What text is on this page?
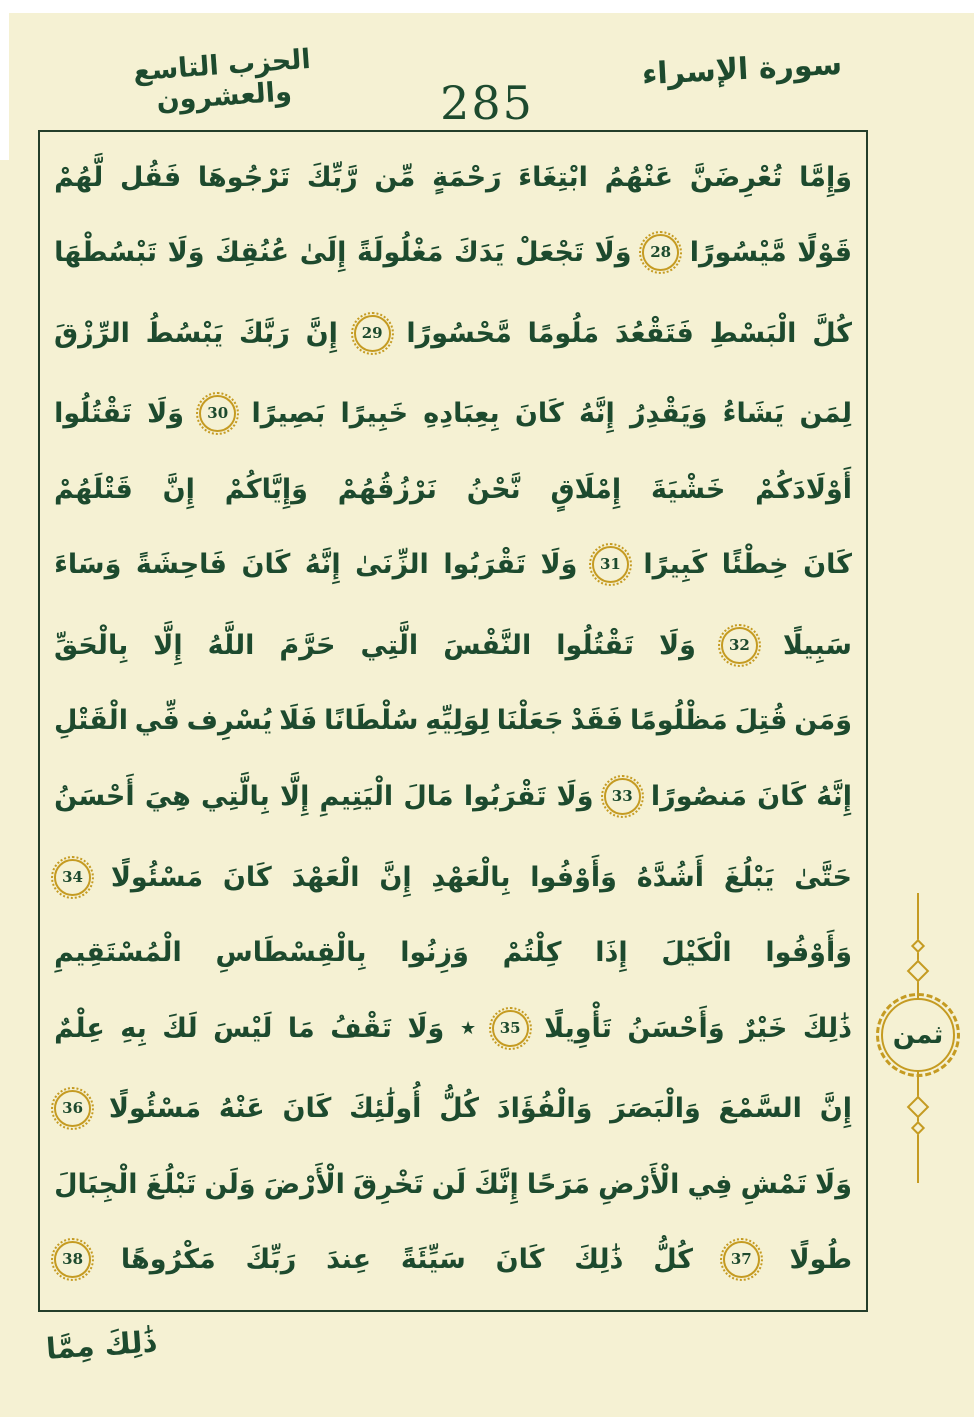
الحزب التاسع والعشرون	285
سورة الإسراء
وَإِمَّا
تُعْرِضَنَّ
عَنْهُمُ
ابْتِغَاءَ
رَحْمَةٍ
مِّن
رَّبِّكَ
تَرْجُوهَا
فَقُل
لَّهُمْ
قَوْلًا
مَّيْسُورًا
28
وَلَا
تَجْعَلْ
يَدَكَ
مَغْلُولَةً
إِلَىٰ
عُنُقِكَ
وَلَا
تَبْسُطْهَا
كُلَّ
الْبَسْطِ
فَتَقْعُدَ
مَلُومًا
مَّحْسُورًا
29
إِنَّ
رَبَّكَ
يَبْسُطُ
الرِّزْقَ
لِمَن
يَشَاءُ
وَيَقْدِرُ
إِنَّهُ
كَانَ
بِعِبَادِهِ
خَبِيرًا
بَصِيرًا
30
وَلَا
تَقْتُلُوا
أَوْلَادَكُمْ
خَشْيَةَ
إِمْلَاقٍ
نَّحْنُ
نَرْزُقُهُمْ
وَإِيَّاكُمْ
إِنَّ
قَتْلَهُمْ
كَانَ
خِطْئًا
كَبِيرًا
31
وَلَا
تَقْرَبُوا
الزِّنَىٰ
إِنَّهُ
كَانَ
فَاحِشَةً
وَسَاءَ
سَبِيلًا
32
وَلَا
تَقْتُلُوا
النَّفْسَ
الَّتِي
حَرَّمَ
اللَّهُ
إِلَّا
بِالْحَقِّ
وَمَن
قُتِلَ
مَظْلُومًا
فَقَدْ
جَعَلْنَا
لِوَلِيِّهِ
سُلْطَانًا
فَلَا
يُسْرِف
فِّي
الْقَتْلِ
إِنَّهُ
كَانَ
مَنصُورًا
33
وَلَا
تَقْرَبُوا
مَالَ
الْيَتِيمِ
إِلَّا
بِالَّتِي
هِيَ
أَحْسَنُ
حَتَّىٰ
يَبْلُغَ
أَشُدَّهُ
وَأَوْفُوا
بِالْعَهْدِ
إِنَّ
الْعَهْدَ
كَانَ
مَسْئُولًا
34
وَأَوْفُوا
الْكَيْلَ
إِذَا
كِلْتُمْ
وَزِنُوا
بِالْقِسْطَاسِ
الْمُسْتَقِيمِ
ذَٰلِكَ
خَيْرٌ
وَأَحْسَنُ
تَأْوِيلًا
35
٭
وَلَا
تَقْفُ
مَا
لَيْسَ
لَكَ
بِهِ
عِلْمٌ
إِنَّ
السَّمْعَ
وَالْبَصَرَ
وَالْفُؤَادَ
كُلُّ
أُولَٰئِكَ
كَانَ
عَنْهُ
مَسْئُولًا
36
وَلَا
تَمْشِ
فِي
الْأَرْضِ
مَرَحًا
إِنَّكَ
لَن
تَخْرِقَ
الْأَرْضَ
وَلَن
تَبْلُغَ
الْجِبَالَ
طُولًا
37
كُلُّ
ذَٰلِكَ
كَانَ
سَيِّئَةً
عِندَ
رَبِّكَ
مَكْرُوهًا
38
ثمن
ذَٰلِكَ مِمَّا
